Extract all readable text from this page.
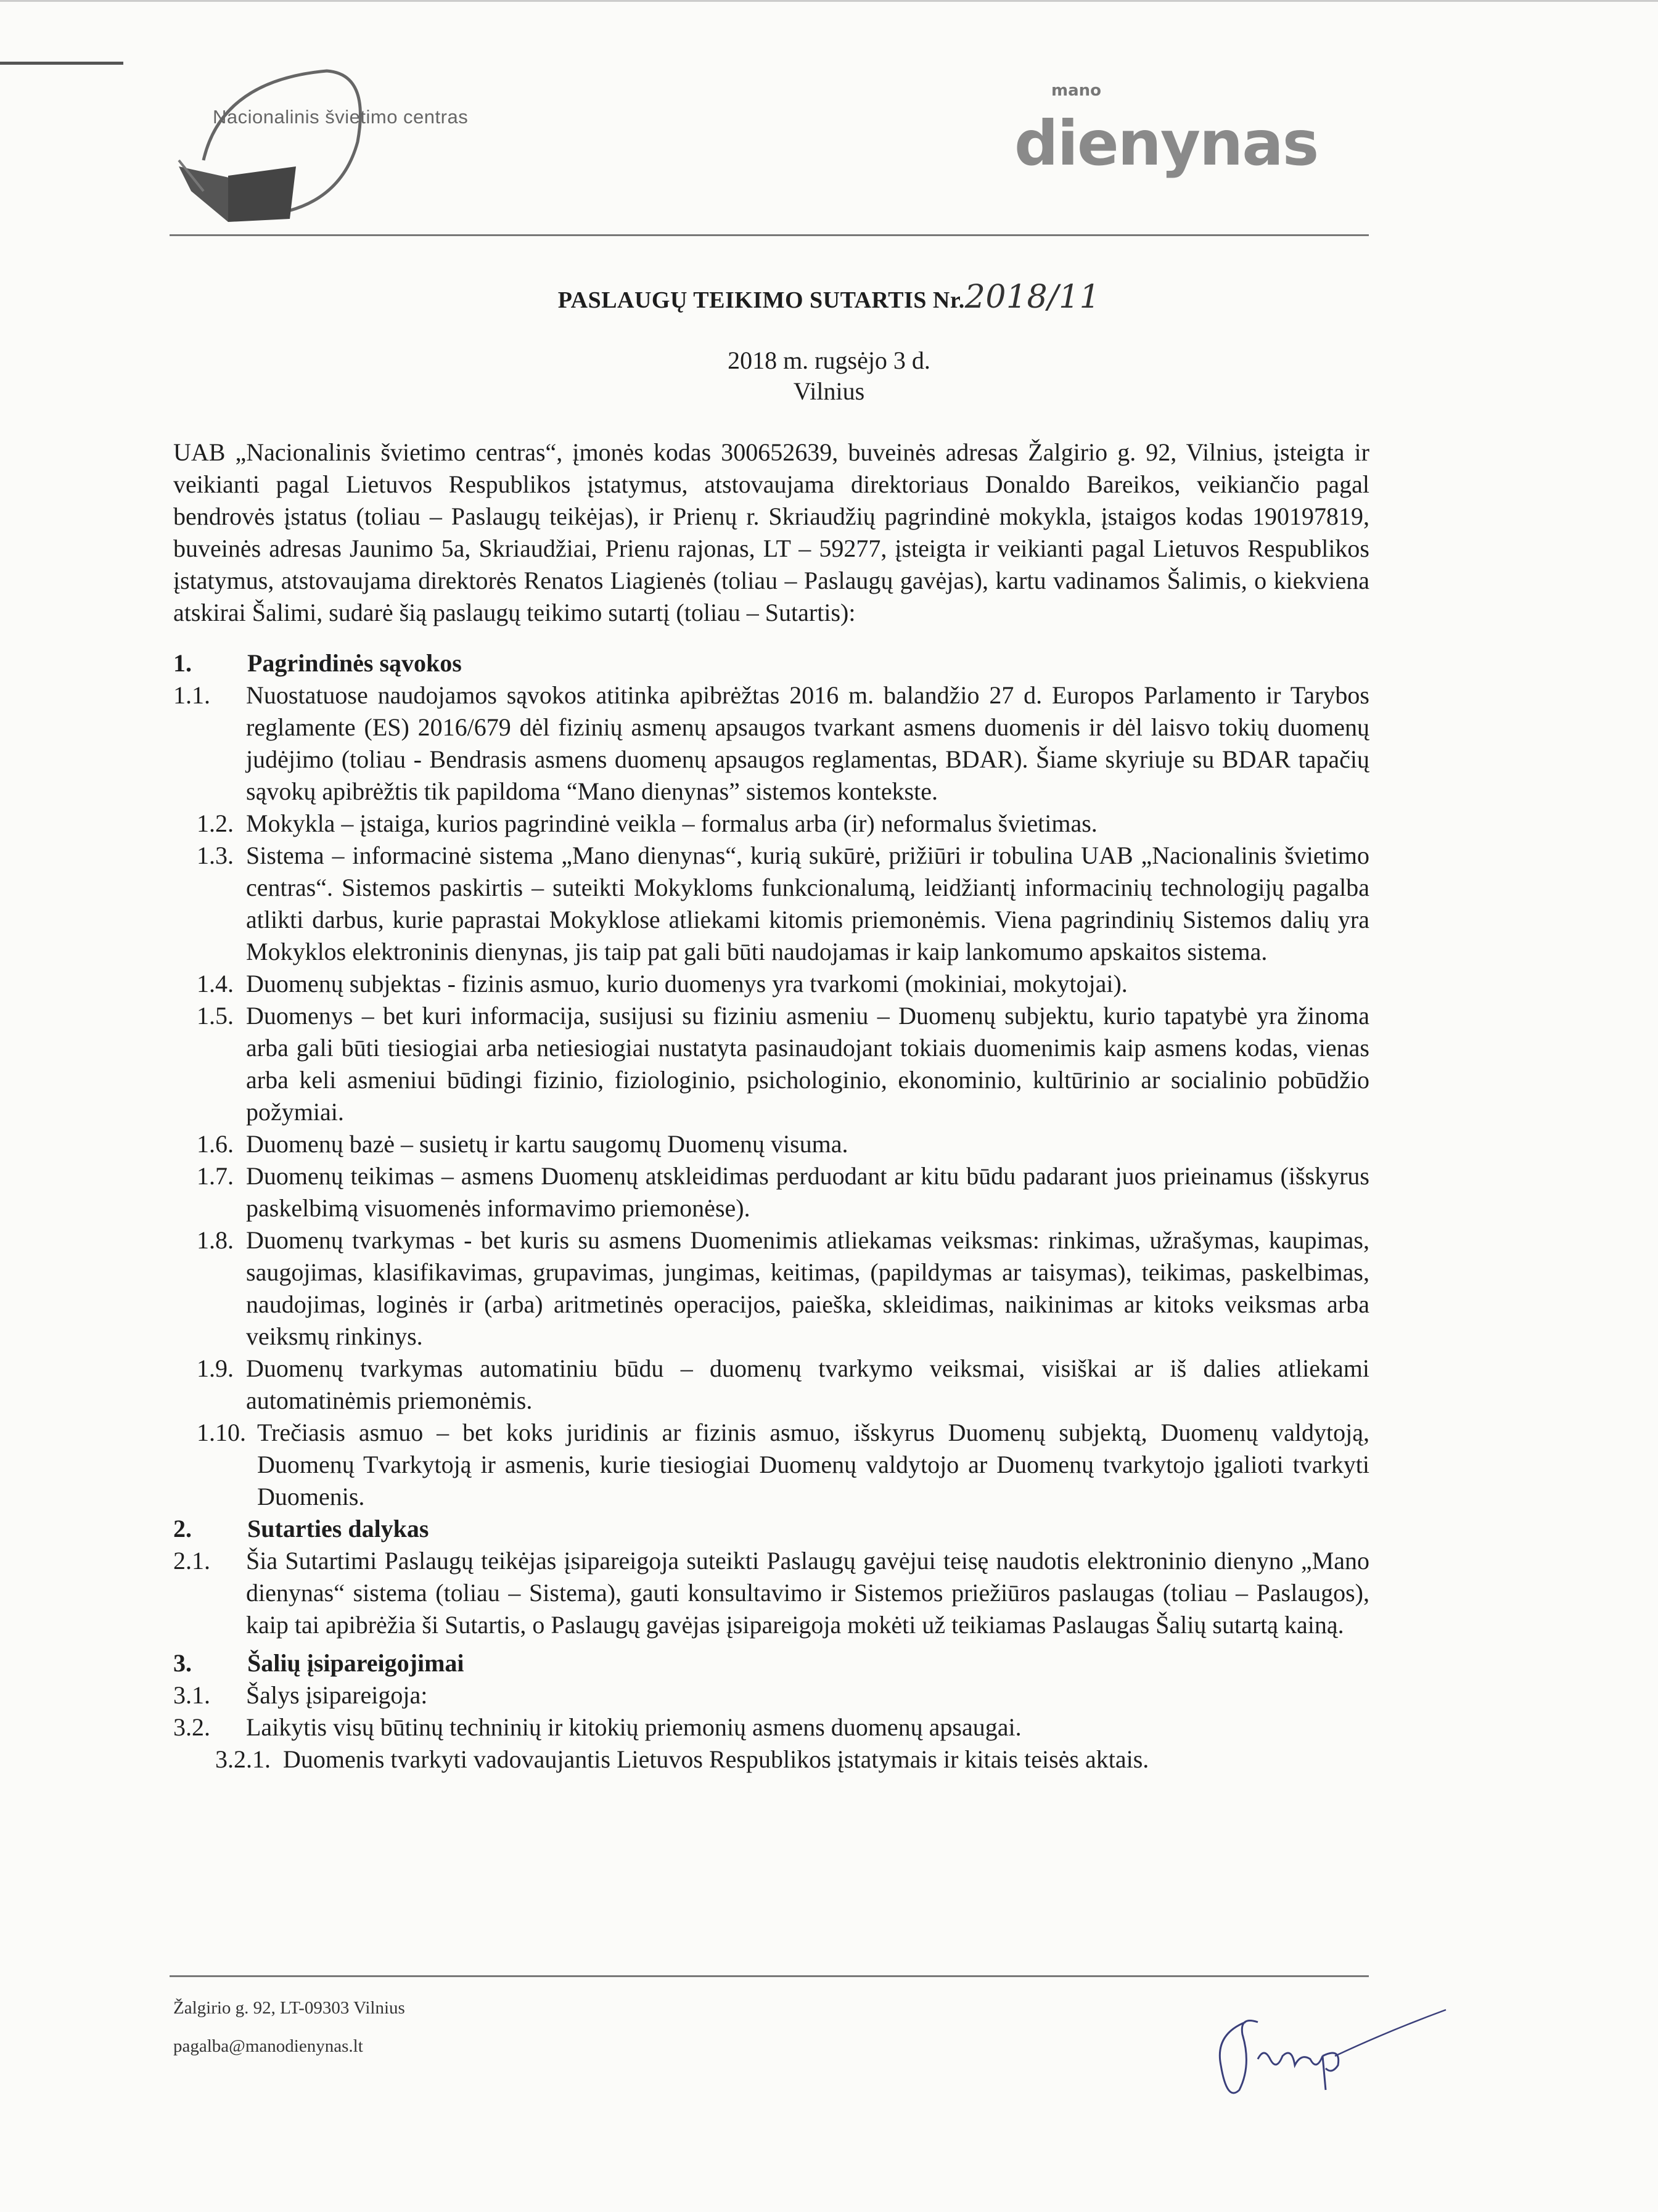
Nacionalinis švietimo centras
mano
dienynas
PASLAUGŲ TEIKIMO SUTARTIS Nr.2018/11
2018 m. rugsėjo 3 d.
Vilnius

UAB „Nacionalinis švietimo centras“, įmonės kodas 300652639, buveinės adresas Žalgirio g. 92, Vilnius, įsteigta ir veikianti pagal Lietuvos Respublikos įstatymus, atstovaujama direktoriaus Donaldo Bareikos, veikiančio pagal bendrovės įstatus (toliau – Paslaugų teikėjas), ir Prienų r. Skriaudžių pagrindinė mokykla, įstaigos kodas 190197819, buveinės adresas Jaunimo 5a, Skriaudžiai, Prienu rajonas, LT – 59277, įsteigta ir veikianti pagal Lietuvos Respublikos įstatymus, atstovaujama direktorės Renatos Liagienės (toliau – Paslaugų gavėjas), kartu vadinamos Šalimis, o kiekviena atskirai Šalimi, sudarė šią paslaugų teikimo sutartį (toliau – Sutartis):

1.	Pagrindinės sąvokos
1.1.	Nuostatuose naudojamos sąvokos atitinka apibrėžtas 2016 m. balandžio 27 d. Europos Parlamento ir Tarybos reglamente (ES) 2016/679 dėl fizinių asmenų apsaugos tvarkant asmens duomenis ir dėl laisvo tokių duomenų judėjimo (toliau - Bendrasis asmens duomenų apsaugos reglamentas, BDAR). Šiame skyriuje su BDAR tapačių sąvokų apibrėžtis tik papildoma “Mano dienynas” sistemos kontekste.
1.2. Mokykla – įstaiga, kurios pagrindinė veikla – formalus arba (ir) neformalus švietimas.
1.3. Sistema – informacinė sistema „Mano dienynas“, kurią sukūrė, prižiūri ir tobulina UAB „Nacionalinis švietimo centras“. Sistemos paskirtis – suteikti Mokykloms funkcionalumą, leidžiantį informacinių technologijų pagalba atlikti darbus, kurie paprastai Mokyklose atliekami kitomis priemonėmis. Viena pagrindinių Sistemos dalių yra Mokyklos elektroninis dienynas, jis taip pat gali būti naudojamas ir kaip lankomumo apskaitos sistema.
1.4. Duomenų subjektas - fizinis asmuo, kurio duomenys yra tvarkomi (mokiniai, mokytojai).
1.5. Duomenys – bet kuri informacija, susijusi su fiziniu asmeniu – Duomenų subjektu, kurio tapatybė yra žinoma arba gali būti tiesiogiai arba netiesiogiai nustatyta pasinaudojant tokiais duomenimis kaip asmens kodas, vienas arba keli asmeniui būdingi fizinio, fiziologinio, psichologinio, ekonominio, kultūrinio ar socialinio pobūdžio požymiai.
1.6. Duomenų bazė – susietų ir kartu saugomų Duomenų visuma.
1.7. Duomenų teikimas – asmens Duomenų atskleidimas perduodant ar kitu būdu padarant juos prieinamus (išskyrus paskelbimą visuomenės informavimo priemonėse).
1.8. Duomenų tvarkymas - bet kuris su asmens Duomenimis atliekamas veiksmas: rinkimas, užrašymas, kaupimas, saugojimas, klasifikavimas, grupavimas, jungimas, keitimas, (papildymas ar taisymas), teikimas, paskelbimas, naudojimas, loginės ir (arba) aritmetinės operacijos, paieška, skleidimas, naikinimas ar kitoks veiksmas arba veiksmų rinkinys.
1.9. Duomenų tvarkymas automatiniu būdu – duomenų tvarkymo veiksmai, visiškai ar iš dalies atliekami automatinėmis priemonėmis.
1.10. Trečiasis asmuo – bet koks juridinis ar fizinis asmuo, išskyrus Duomenų subjektą, Duomenų valdytoją, Duomenų Tvarkytoją ir asmenis, kurie tiesiogiai Duomenų valdytojo ar Duomenų tvarkytojo įgalioti tvarkyti Duomenis.
2.	Sutarties dalykas
2.1.	Šia Sutartimi Paslaugų teikėjas įsipareigoja suteikti Paslaugų gavėjui teisę naudotis elektroninio dienyno „Mano dienynas“ sistema (toliau – Sistema), gauti konsultavimo ir Sistemos priežiūros paslaugas (toliau – Paslaugos), kaip tai apibrėžia ši Sutartis, o Paslaugų gavėjas įsipareigoja mokėti už teikiamas Paslaugas Šalių sutartą kainą.
3.	Šalių įsipareigojimai
3.1.	Šalys įsipareigoja:
3.2.	Laikytis visų būtinų techninių ir kitokių priemonių asmens duomenų apsaugai.
3.2.1. Duomenis tvarkyti vadovaujantis Lietuvos Respublikos įstatymais ir kitais teisės aktais.
Žalgirio g. 92, LT-09303 Vilnius
pagalba@manodienynas.lt
